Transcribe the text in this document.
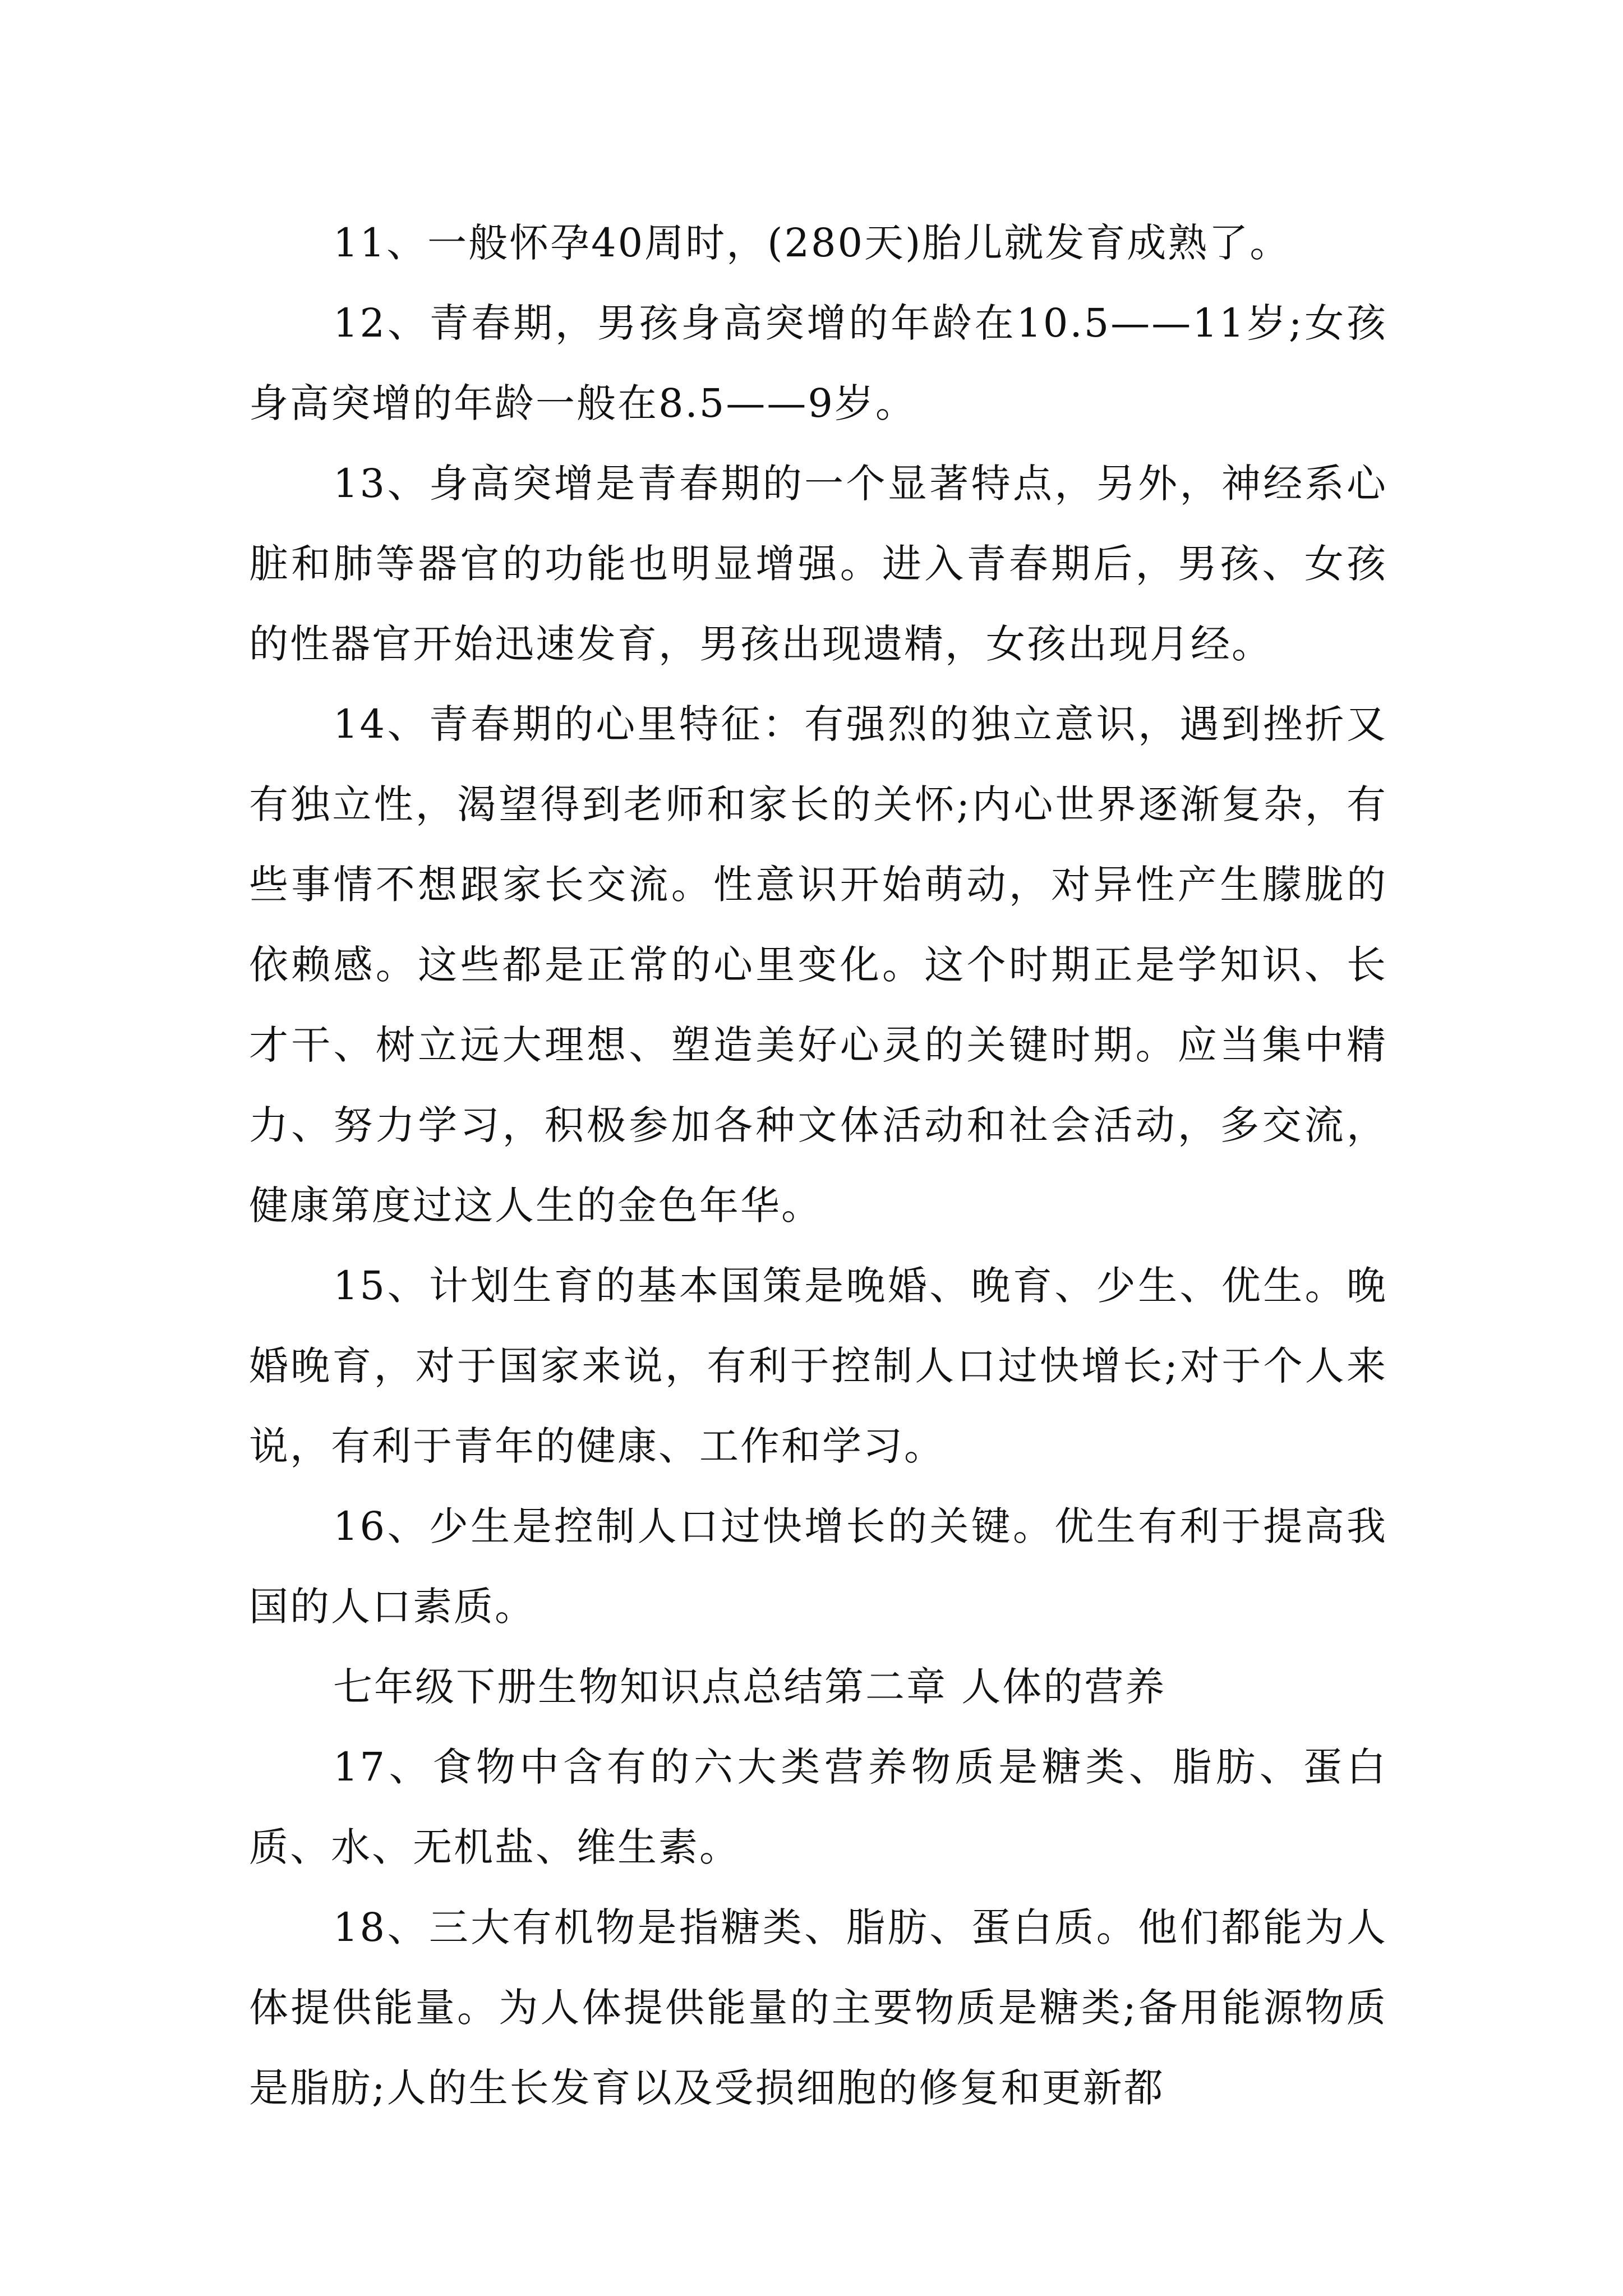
11、一般怀孕40周时，(280天)胎儿就发育成熟了。

12、青春期，男孩身高突增的年龄在10.5——11岁;女孩身高突增的年龄一般在8.5——9岁。

13、身高突增是青春期的一个显著特点，另外，神经系心脏和肺等器官的功能也明显增强。进入青春期后，男孩、女孩的性器官开始迅速发育，男孩出现遗精，女孩出现月经。

14、青春期的心里特征：有强烈的独立意识，遇到挫折又有独立性，渴望得到老师和家长的关怀;内心世界逐渐复杂，有些事情不想跟家长交流。性意识开始萌动，对异性产生朦胧的依赖感。这些都是正常的心里变化。这个时期正是学知识、长才干、树立远大理想、塑造美好心灵的关键时期。应当集中精力、努力学习，积极参加各种文体活动和社会活动，多交流，健康第度过这人生的金色年华。

15、计划生育的基本国策是晚婚、晚育、少生、优生。晚婚晚育，对于国家来说，有利于控制人口过快增长;对于个人来说，有利于青年的健康、工作和学习。

16、少生是控制人口过快增长的关键。优生有利于提高我国的人口素质。

七年级下册生物知识点总结第二章 人体的营养

17、食物中含有的六大类营养物质是糖类、脂肪、蛋白质、水、无机盐、维生素。

18、三大有机物是指糖类、脂肪、蛋白质。他们都能为人体提供能量。为人体提供能量的主要物质是糖类;备用能源物质是脂肪;人的生长发育以及受损细胞的修复和更新都
